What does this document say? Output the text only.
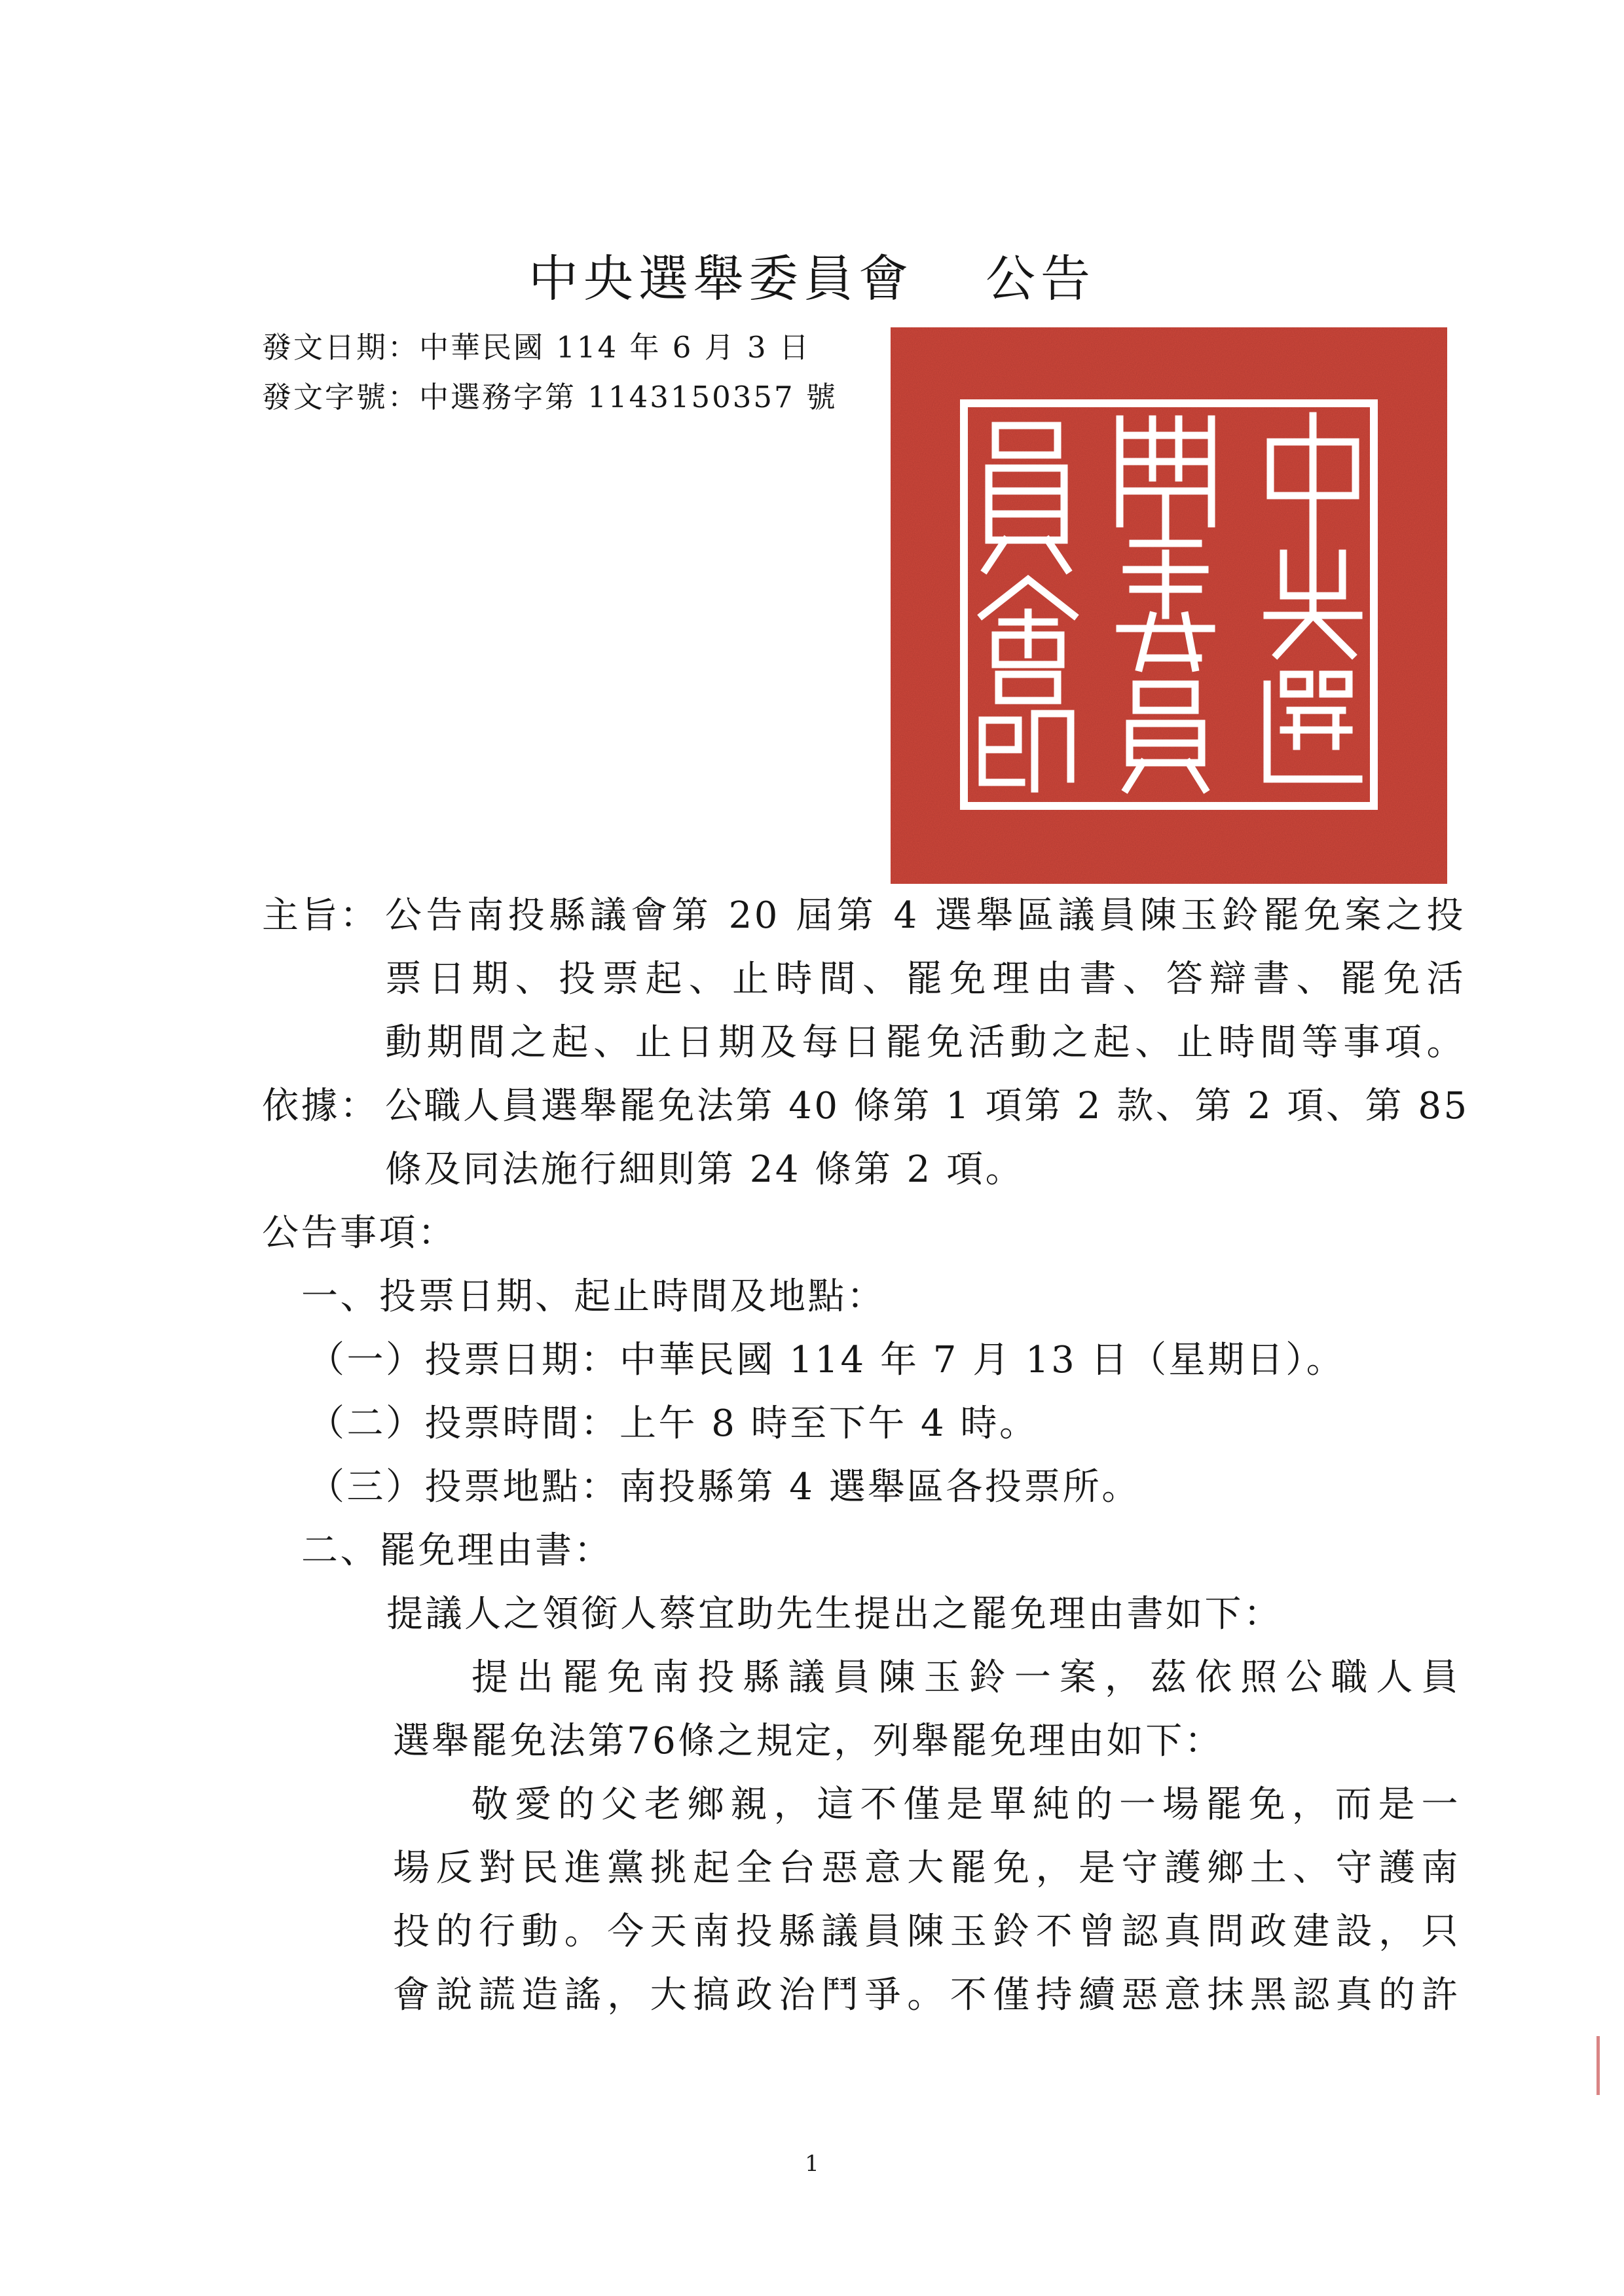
中央選舉委員會 公告
發文日期：中華民國 114 年 6 月 3 日
發文字號：中選務字第 1143150357 號
主旨： 公告南投縣議會第 20 屆第 4 選舉區議員陳玉鈴罷免案之投
票日期、投票起、止時間、罷免理由書、答辯書、罷免活
動期間之起、止日期及每日罷免活動之起、止時間等事項。
依據： 公職人員選舉罷免法第 40 條第 1 項第 2 款、第 2 項、第 85
條及同法施行細則第 24 條第 2 項。
公告事項：
一、投票日期、起止時間及地點：
（一）投票日期：中華民國 114 年 7 月 13 日（星期日）。
（二）投票時間：上午 8 時至下午 4 時。
（三）投票地點：南投縣第 4 選舉區各投票所。
二、罷免理由書：
提議人之領銜人蔡宜助先生提出之罷免理由書如下：
提出罷免南投縣議員陳玉鈴一案，茲依照公職人員
選舉罷免法第76條之規定，列舉罷免理由如下：
敬愛的父老鄉親，這不僅是單純的一場罷免，而是一
場反對民進黨挑起全台惡意大罷免，是守護鄉土、守護南
投的行動。今天南投縣議員陳玉鈴不曾認真問政建設，只
會說謊造謠，大搞政治鬥爭。不僅持續惡意抹黑認真的許
1
